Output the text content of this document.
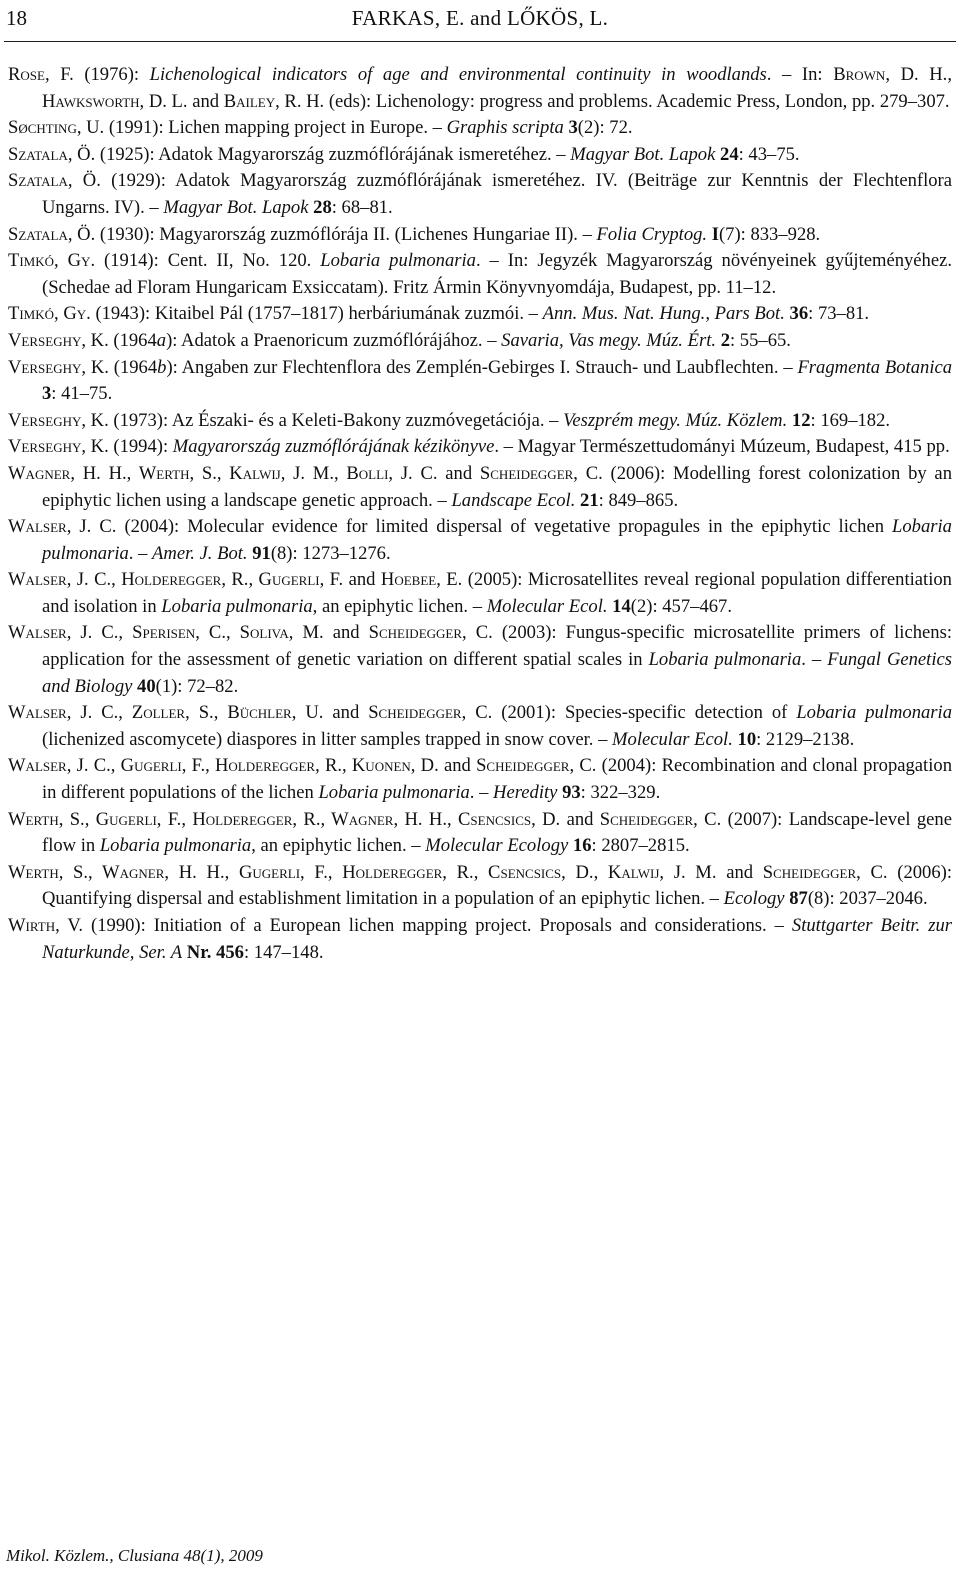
18	FARKAS, E. and LŐKÖS, L.

Rose, F. (1976): Lichenological indicators of age and environmental continuity in woodlands. – In: Brown, D. H., Hawksworth, D. L. and Bailey, R. H. (eds): Lichenology: progress and problems. Academic Press, London, pp. 279–307.

Søchting, U. (1991): Lichen mapping project in Europe. – Graphis scripta 3(2): 72.

Szatala, Ö. (1925): Adatok Magyarország zuzmóflórájának ismeretéhez. – Magyar Bot. Lapok 24: 43–75.

Szatala, Ö. (1929): Adatok Magyarország zuzmóflórájának ismeretéhez. IV. (Beiträge zur Kenntnis der Flechtenflora Ungarns. IV). – Magyar Bot. Lapok 28: 68–81.

Szatala, Ö. (1930): Magyarország zuzmóflórája II. (Lichenes Hungariae II). – Folia Cryptog. I(7): 833–928.

Timkó, Gy. (1914): Cent. II, No. 120. Lobaria pulmonaria. – In: Jegyzék Magyarország növényeinek gyűjteményéhez. (Schedae ad Floram Hungaricam Exsiccatam). Fritz Ármin Könyvnyomdája, Budapest, pp. 11–12.

Timkó, Gy. (1943): Kitaibel Pál (1757–1817) herbáriumának zuzmói. – Ann. Mus. Nat. Hung., Pars Bot. 36: 73–81.

Verseghy, K. (1964a): Adatok a Praenoricum zuzmóflórájához. – Savaria, Vas megy. Múz. Ért. 2: 55–65.

Verseghy, K. (1964b): Angaben zur Flechtenflora des Zemplén-Gebirges I. Strauch- und Laubflechten. – Fragmenta Botanica 3: 41–75.

Verseghy, K. (1973): Az Északi- és a Keleti-Bakony zuzmóvegetációja. – Veszprém megy. Múz. Közlem. 12: 169–182.

Verseghy, K. (1994): Magyarország zuzmóflórájának kézikönyve. – Magyar Természettudományi Múzeum, Budapest, 415 pp.

Wagner, H. H., Werth, S., Kalwij, J. M., Bolli, J. C. and Scheidegger, C. (2006): Modelling forest colonization by an epiphytic lichen using a landscape genetic approach. – Landscape Ecol. 21: 849–865.

Walser, J. C. (2004): Molecular evidence for limited dispersal of vegetative propagules in the epiphytic lichen Lobaria pulmonaria. – Amer. J. Bot. 91(8): 1273–1276.

Walser, J. C., Holderegger, R., Gugerli, F. and Hoebee, E. (2005): Microsatellites reveal regional population differentiation and isolation in Lobaria pulmonaria, an epiphytic lichen. – Molecular Ecol. 14(2): 457–467.

Walser, J. C., Sperisen, C., Soliva, M. and Scheidegger, C. (2003): Fungus-specific microsatellite primers of lichens: application for the assessment of genetic variation on different spatial scales in Lobaria pulmonaria. – Fungal Genetics and Biology 40(1): 72–82.

Walser, J. C., Zoller, S., Büchler, U. and Scheidegger, C. (2001): Species-specific detection of Lobaria pulmonaria (lichenized ascomycete) diaspores in litter samples trapped in snow cover. – Molecular Ecol. 10: 2129–2138.

Walser, J. C., Gugerli, F., Holderegger, R., Kuonen, D. and Scheidegger, C. (2004): Recombination and clonal propagation in different populations of the lichen Lobaria pulmonaria. – Heredity 93: 322–329.

Werth, S., Gugerli, F., Holderegger, R., Wagner, H. H., Csencsics, D. and Scheidegger, C. (2007): Landscape-level gene flow in Lobaria pulmonaria, an epiphytic lichen. – Molecular Ecology 16: 2807–2815.

Werth, S., Wagner, H. H., Gugerli, F., Holderegger, R., Csencsics, D., Kalwij, J. M. and Scheidegger, C. (2006): Quantifying dispersal and establishment limitation in a population of an epiphytic lichen. – Ecology 87(8): 2037–2046.

Wirth, V. (1990): Initiation of a European lichen mapping project. Proposals and considerations. – Stuttgarter Beitr. zur Naturkunde, Ser. A Nr. 456: 147–148.

Mikol. Közlem., Clusiana 48(1), 2009
